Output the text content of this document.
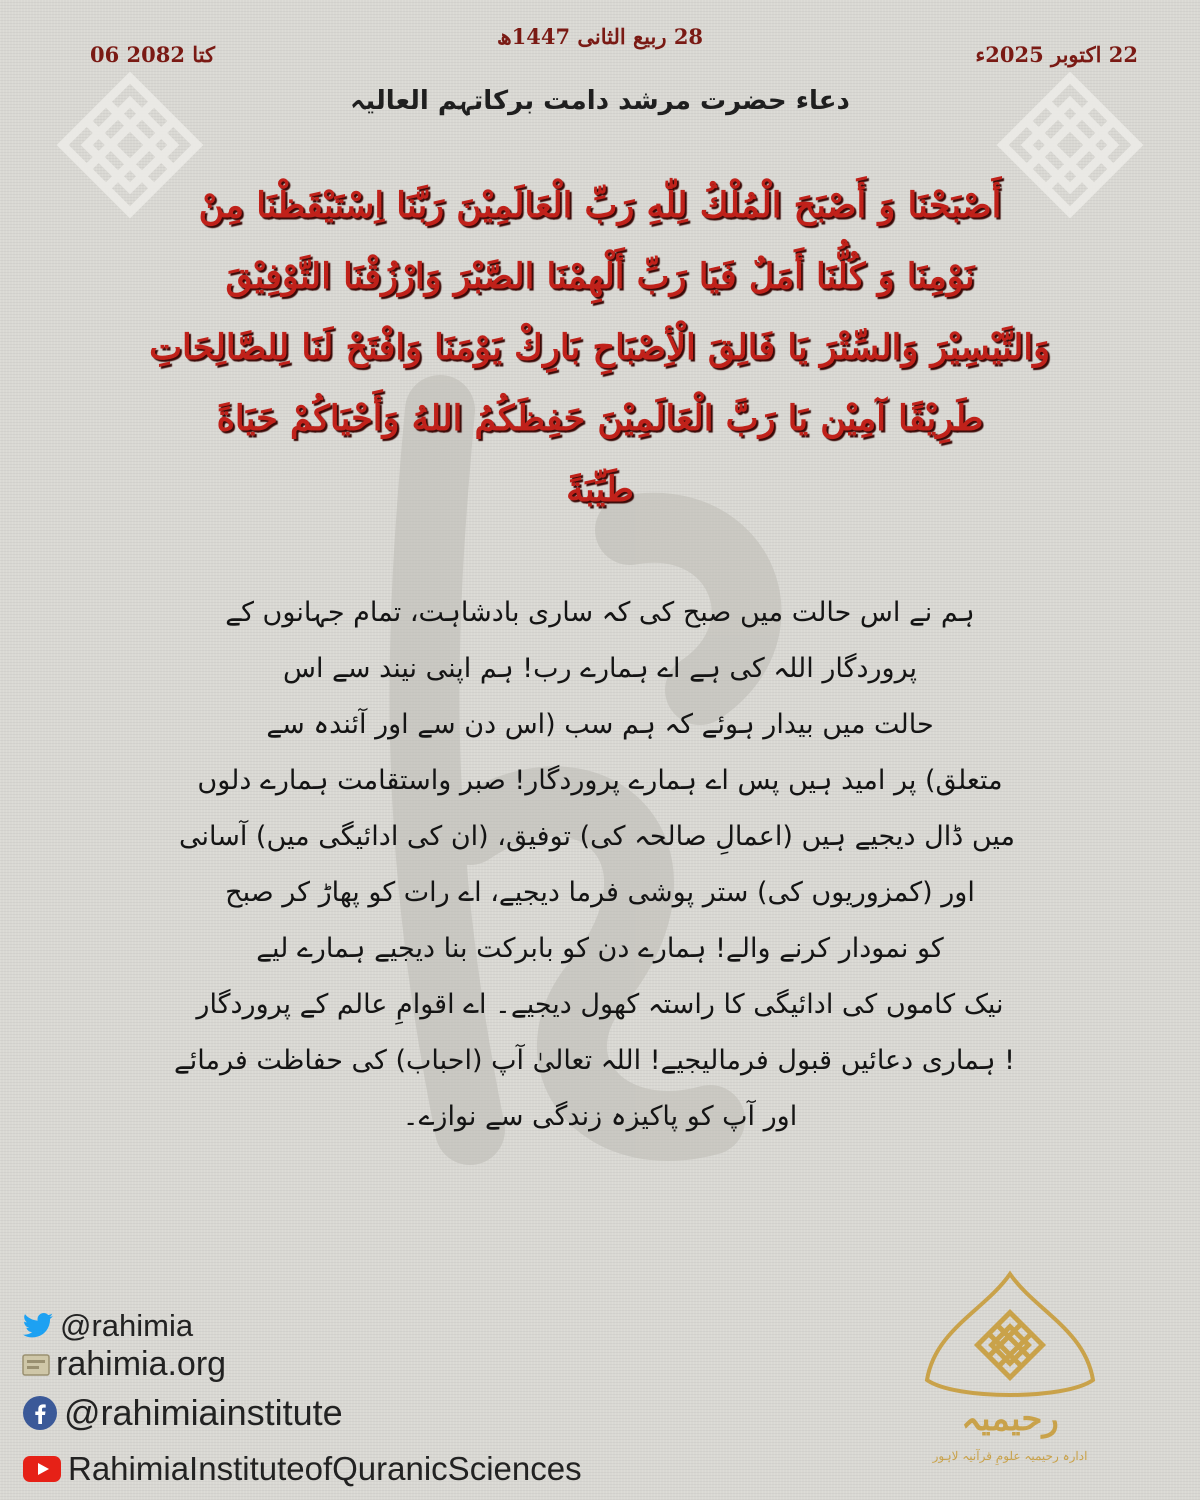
28 ربیع الثانی 1447ھ
06 کتا 2082	22 اکتوبر 2025ء
دعاء حضرت مرشد دامت برکاتہم العالیہ
أَصْبَحْنَا وَ أَصْبَحَ الْمُلْكُ لِلّٰهِ رَبِّ الْعَالَمِيْنَ رَبَّنَا اِسْتَيْقَظْنَا مِنْ
نَوْمِنَا وَ كُلُّنَا أَمَلٌ فَيَا رَبِّ أَلْهِمْنَا الصَّبْرَ وَارْزُقْنَا التَّوْفِيْقَ
وَالتَّيْسِيْرَ وَالسِّتْرَ يَا فَالِقَ الْأِصْبَاحِ بَارِكْ يَوْمَنَا وَافْتَحْ لَنَا لِلصَّالِحَاتِ
طَرِيْقًا آمِيْن يَا رَبَّ الْعَالَمِيْنَ حَفِظَكُمُ اللهُ وَأَحْيَاكُمْ حَيَاةً
طَيِّبَةً
ہم نے اس حالت میں صبح کی کہ ساری بادشاہت، تمام جہانوں کے
پروردگار اللہ کی ہے اے ہمارے رب! ہم اپنی نیند سے اس
حالت میں بیدار ہوئے کہ ہم سب (اس دن سے اور آئندہ سے
متعلق) پر امید ہیں پس اے ہمارے پروردگار! صبر واستقامت ہمارے دلوں
میں ڈال دیجیے ہیں (اعمالِ صالحہ کی) توفیق، (ان کی ادائیگی میں) آسانی
اور (کمزوریوں کی) ستر پوشی فرما دیجیے، اے رات کو پھاڑ کر صبح
کو نمودار کرنے والے! ہمارے دن کو بابرکت بنا دیجیے ہمارے لیے
نیک کاموں کی ادائیگی کا راستہ کھول دیجیے۔ اے اقوامِ عالم کے پروردگار
! ہماری دعائیں قبول فرمالیجیے! اللہ تعالیٰ آپ (احباب) کی حفاظت فرمائے
اور آپ کو پاکیزہ زندگی سے نوازے۔
@rahimia
rahimia.org
@rahimiainstitute
RahimiaInstituteofQuranicSciences
رحیمیہ
ادارہ رحیمیہ علومِ قرآنیہ لاہور
